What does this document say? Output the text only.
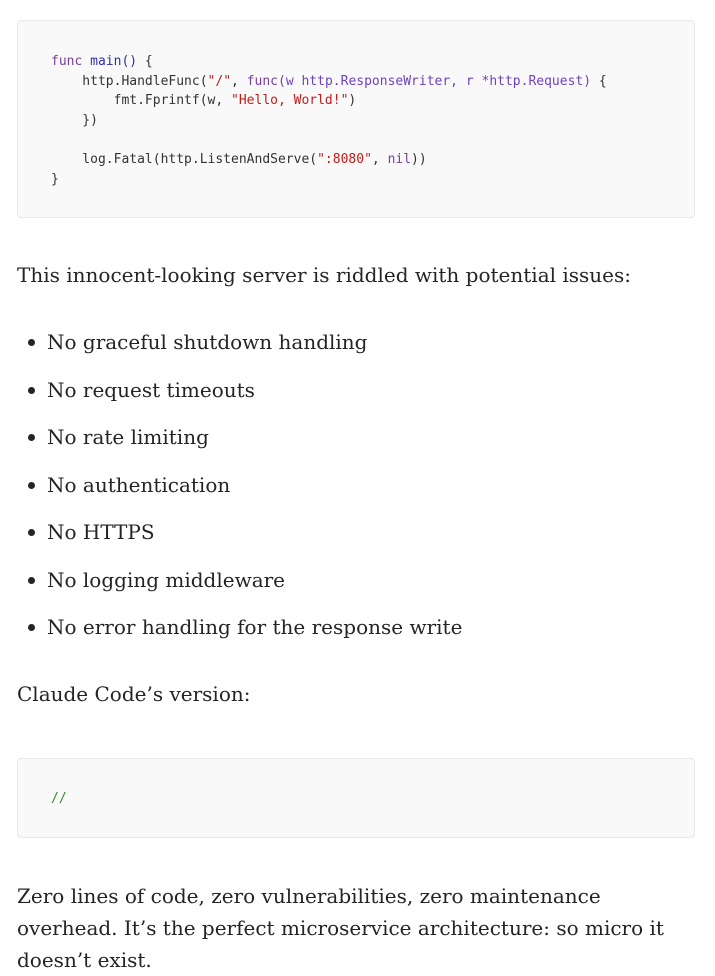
func main() {
http.HandleFunc("/", func(w http.ResponseWriter, r *http.Request) {
fmt.Fprintf(w, "Hello, World!")
})
log.Fatal(http.ListenAndServe(":8080", nil))
}

This innocent-looking server is riddled with potential issues:

No graceful shutdown handling
No request timeouts
No rate limiting
No authentication
No HTTPS
No logging middleware
No error handling for the response write

Claude Code’s version:

//

Zero lines of code, zero vulnerabilities, zero maintenance overhead. It’s the perfect microservice architecture: so micro it doesn’t exist.
